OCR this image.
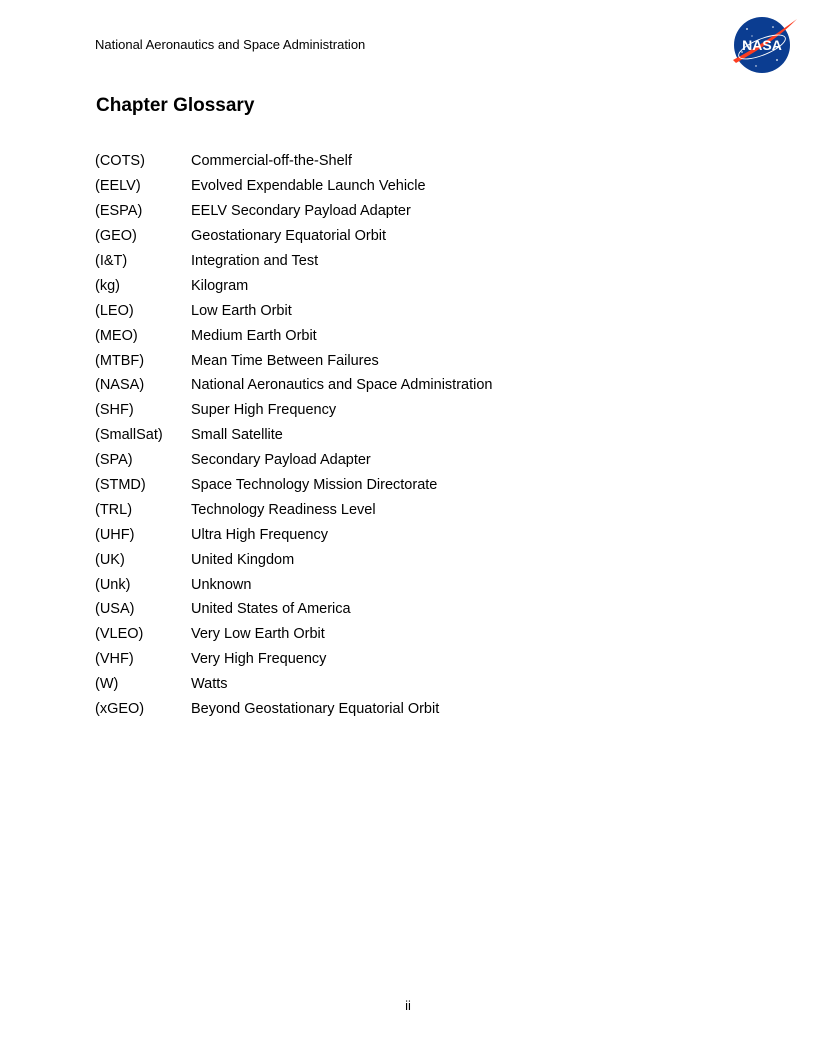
National Aeronautics and Space Administration	NASA
Chapter Glossary
(COTS)	Commercial-off-the-Shelf
(EELV)	Evolved Expendable Launch Vehicle
(ESPA)	EELV Secondary Payload Adapter
(GEO)	Geostationary Equatorial Orbit
(I&T)	Integration and Test
(kg)	Kilogram
(LEO)	Low Earth Orbit
(MEO)	Medium Earth Orbit
(MTBF)	Mean Time Between Failures
(NASA)	National Aeronautics and Space Administration
(SHF)	Super High Frequency
(SmallSat)	Small Satellite
(SPA)	Secondary Payload Adapter
(STMD)	Space Technology Mission Directorate
(TRL)	Technology Readiness Level
(UHF)	Ultra High Frequency
(UK)	United Kingdom
(Unk)	Unknown
(USA)	United States of America
(VLEO)	Very Low Earth Orbit
(VHF)	Very High Frequency
(W)	Watts
(xGEO)	Beyond Geostationary Equatorial Orbit
ii
